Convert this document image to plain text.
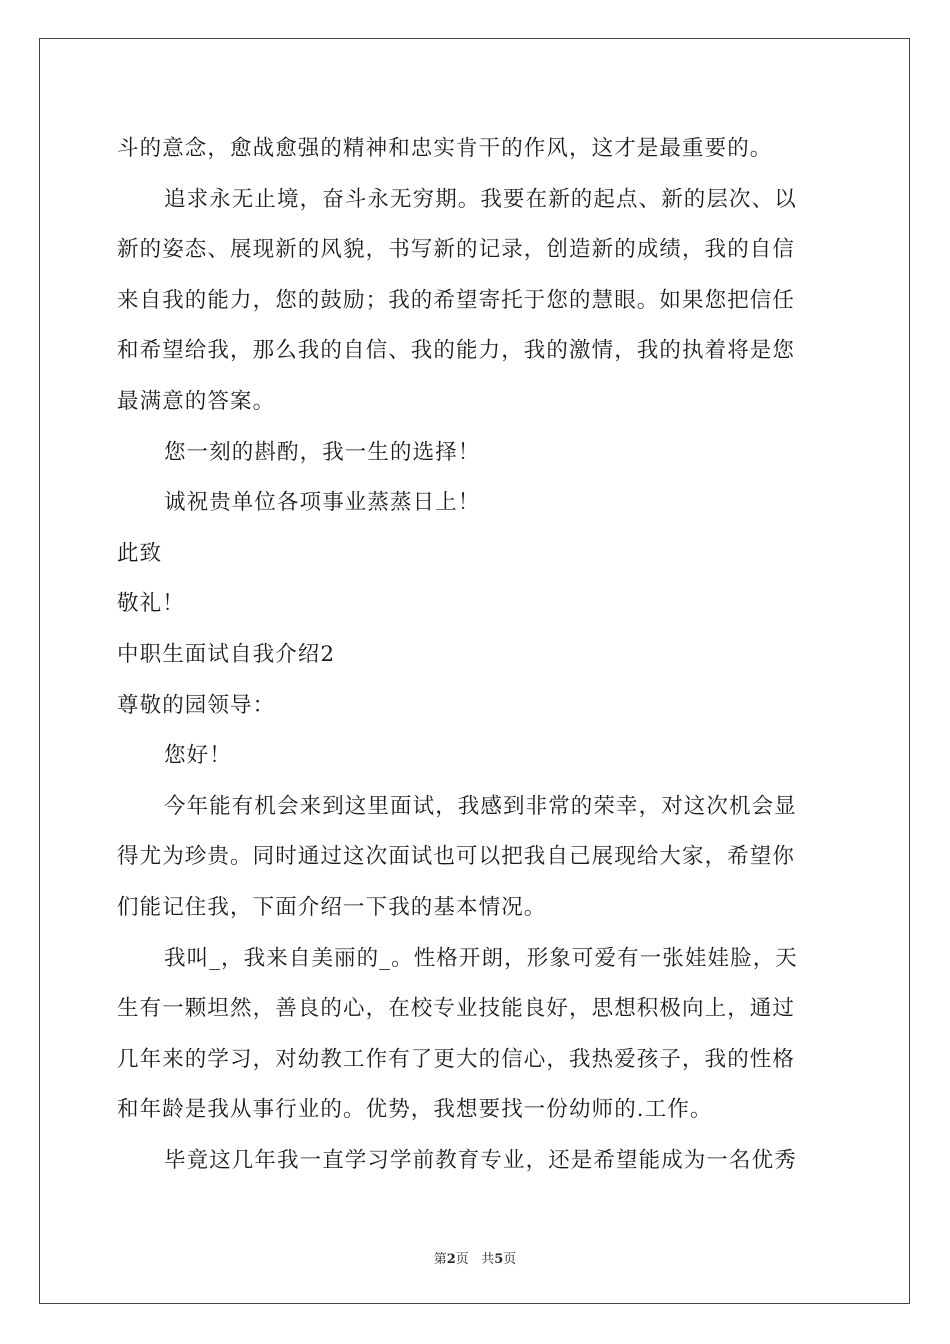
斗的意念，愈战愈强的精神和忠实肯干的作风，这才是最重要的。
追求永无止境，奋斗永无穷期。我要在新的起点、新的层次、以
新的姿态、展现新的风貌，书写新的记录，创造新的成绩，我的自信
来自我的能力，您的鼓励；我的希望寄托于您的慧眼。如果您把信任
和希望给我，那么我的自信、我的能力，我的激情，我的执着将是您
最满意的答案。
您一刻的斟酌，我一生的选择！
诚祝贵单位各项事业蒸蒸日上！
此致
敬礼！
中职生面试自我介绍2
尊敬的园领导：
您好！
今年能有机会来到这里面试，我感到非常的荣幸，对这次机会显
得尤为珍贵。同时通过这次面试也可以把我自己展现给大家，希望你
们能记住我，下面介绍一下我的基本情况。
我叫_，我来自美丽的_。性格开朗，形象可爱有一张娃娃脸，天
生有一颗坦然，善良的心，在校专业技能良好，思想积极向上，通过
几年来的学习，对幼教工作有了更大的信心，我热爱孩子，我的性格
和年龄是我从事行业的。优势，我想要找一份幼师的.工作。
毕竟这几年我一直学习学前教育专业，还是希望能成为一名优秀
第2页 共5页
